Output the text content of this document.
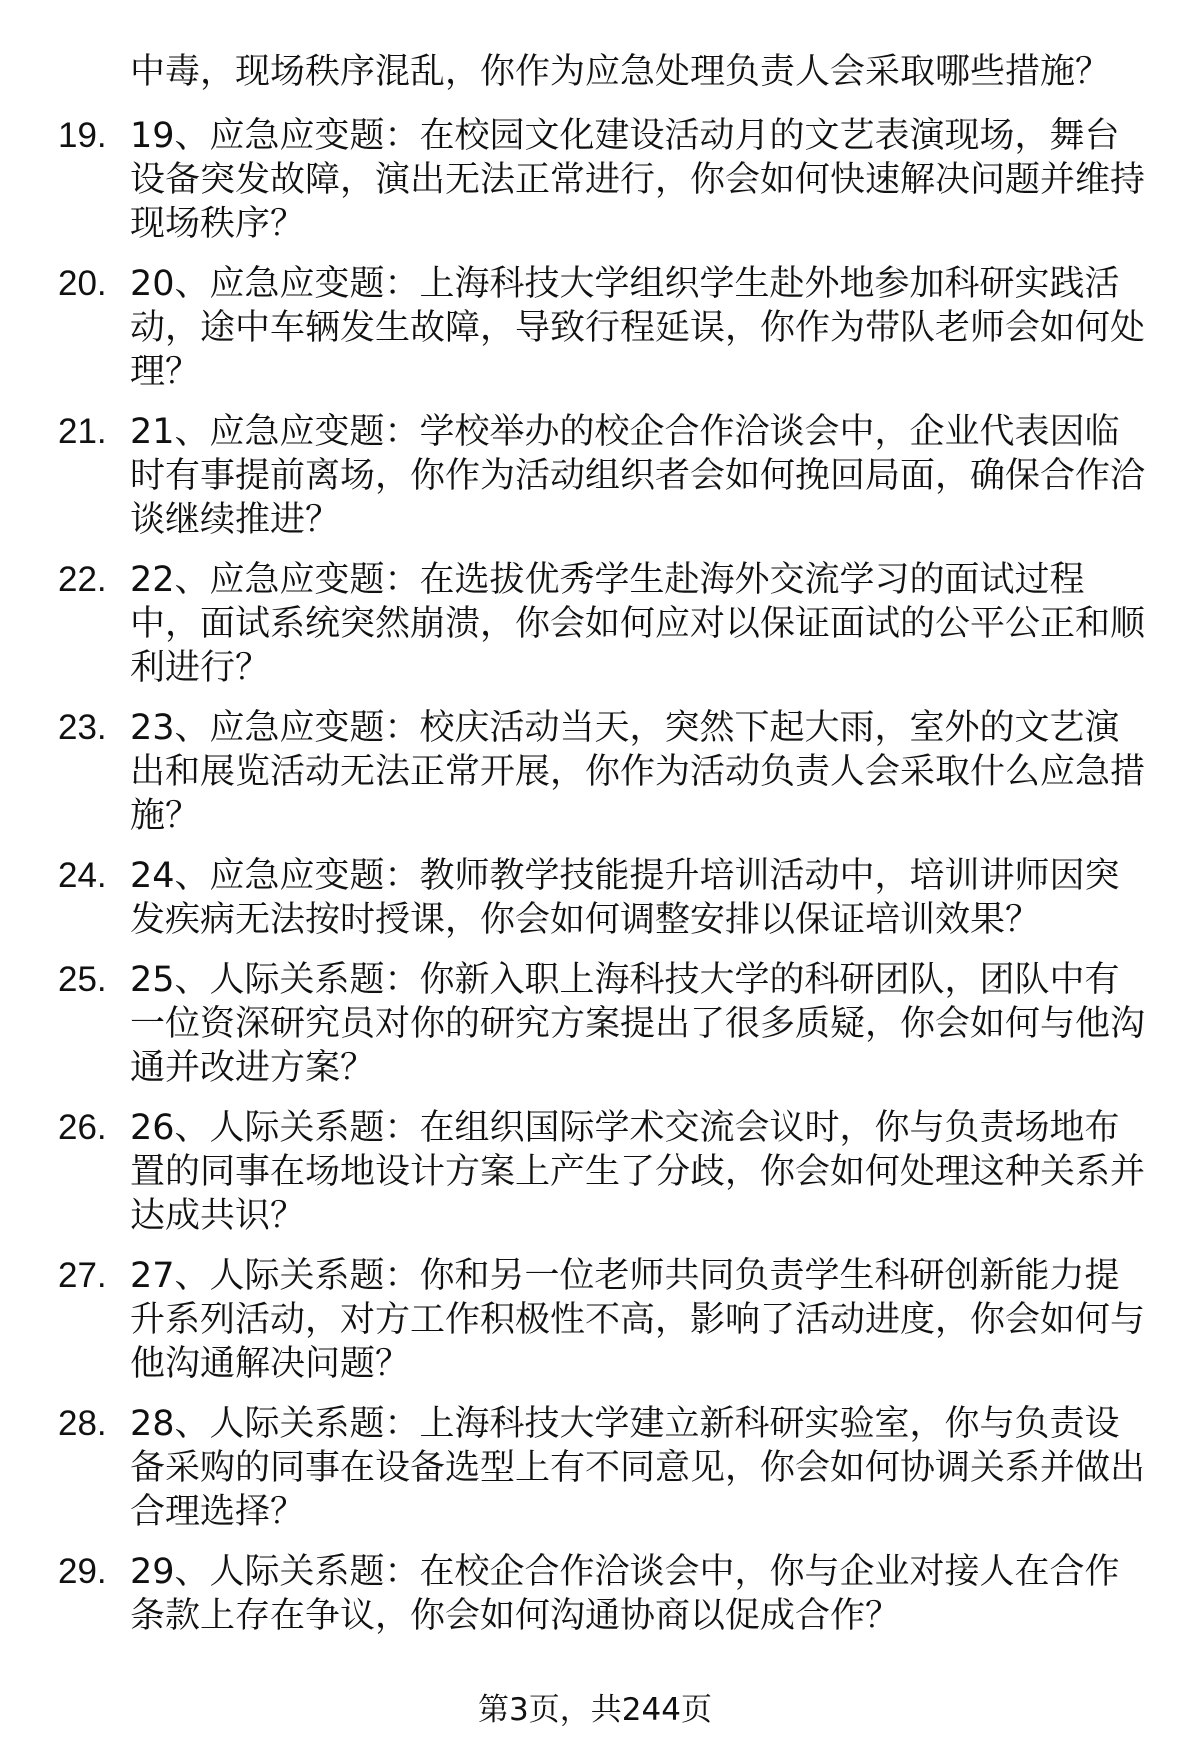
中毒，现场秩序混乱，你作为应急处理负责人会采取哪些措施？
19. 19、应急应变题：在校园文化建设活动月的文艺表演现场，舞台设备突发故障，演出无法正常进行，你会如何快速解决问题并维持现场秩序？
20. 20、应急应变题：上海科技大学组织学生赴外地参加科研实践活动，途中车辆发生故障，导致行程延误，你作为带队老师会如何处理？
21. 21、应急应变题：学校举办的校企合作洽谈会中，企业代表因临时有事提前离场，你作为活动组织者会如何挽回局面，确保合作洽谈继续推进？
22. 22、应急应变题：在选拔优秀学生赴海外交流学习的面试过程中，面试系统突然崩溃，你会如何应对以保证面试的公平公正和顺利进行？
23. 23、应急应变题：校庆活动当天，突然下起大雨，室外的文艺演出和展览活动无法正常开展，你作为活动负责人会采取什么应急措施？
24. 24、应急应变题：教师教学技能提升培训活动中，培训讲师因突发疾病无法按时授课，你会如何调整安排以保证培训效果？
25. 25、人际关系题：你新入职上海科技大学的科研团队，团队中有一位资深研究员对你的研究方案提出了很多质疑，你会如何与他沟通并改进方案？
26. 26、人际关系题：在组织国际学术交流会议时，你与负责场地布置的同事在场地设计方案上产生了分歧，你会如何处理这种关系并达成共识？
27. 27、人际关系题：你和另一位老师共同负责学生科研创新能力提升系列活动，对方工作积极性不高，影响了活动进度，你会如何与他沟通解决问题？
28. 28、人际关系题：上海科技大学建立新科研实验室，你与负责设备采购的同事在设备选型上有不同意见，你会如何协调关系并做出合理选择？
29. 29、人际关系题：在校企合作洽谈会中，你与企业对接人在合作条款上存在争议，你会如何沟通协商以促成合作？
第3页，共244页
